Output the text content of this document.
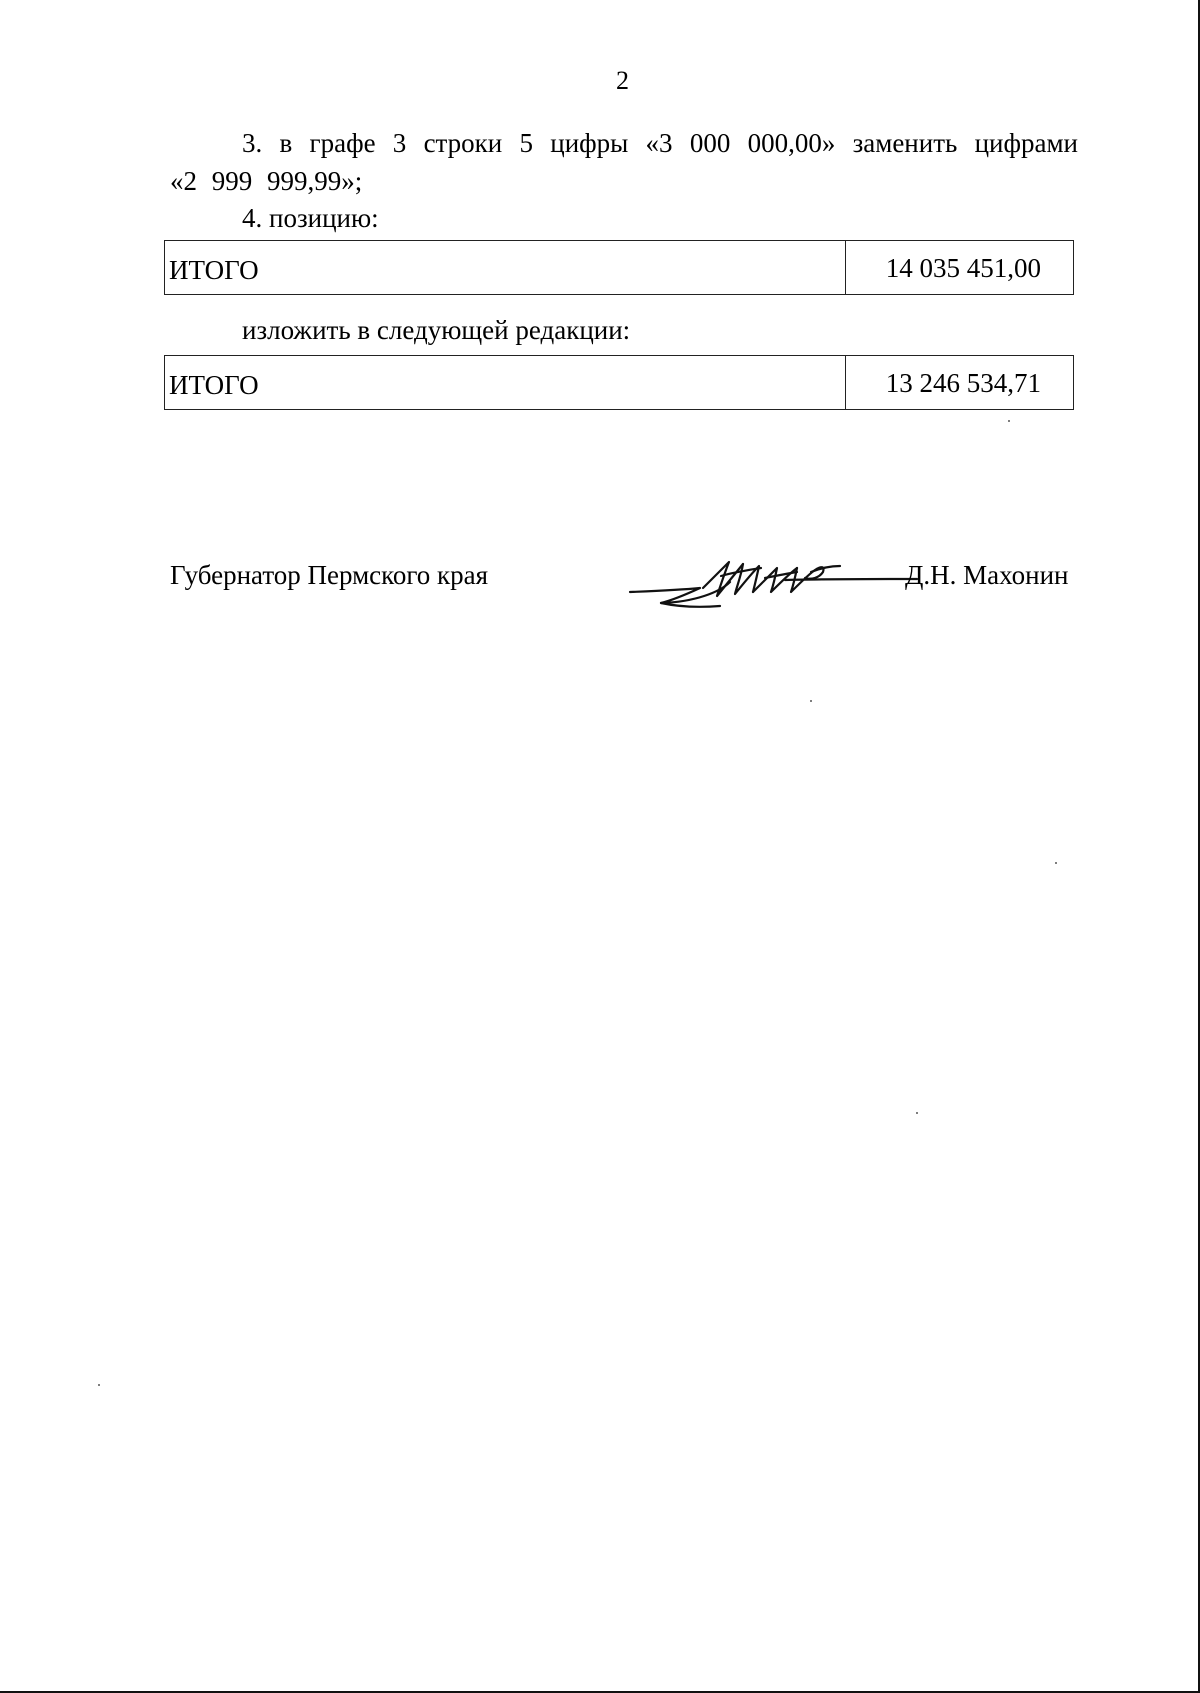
2

3. в графе 3 строки 5 цифры «3 000 000,00» заменить цифрами «2 999 999,99»;

4. позицию:

ИТОГО	14 035 451,00

изложить в следующей редакции:

ИТОГО	13 246 534,71
Губернатор Пермского края	Д.Н. Махонин
